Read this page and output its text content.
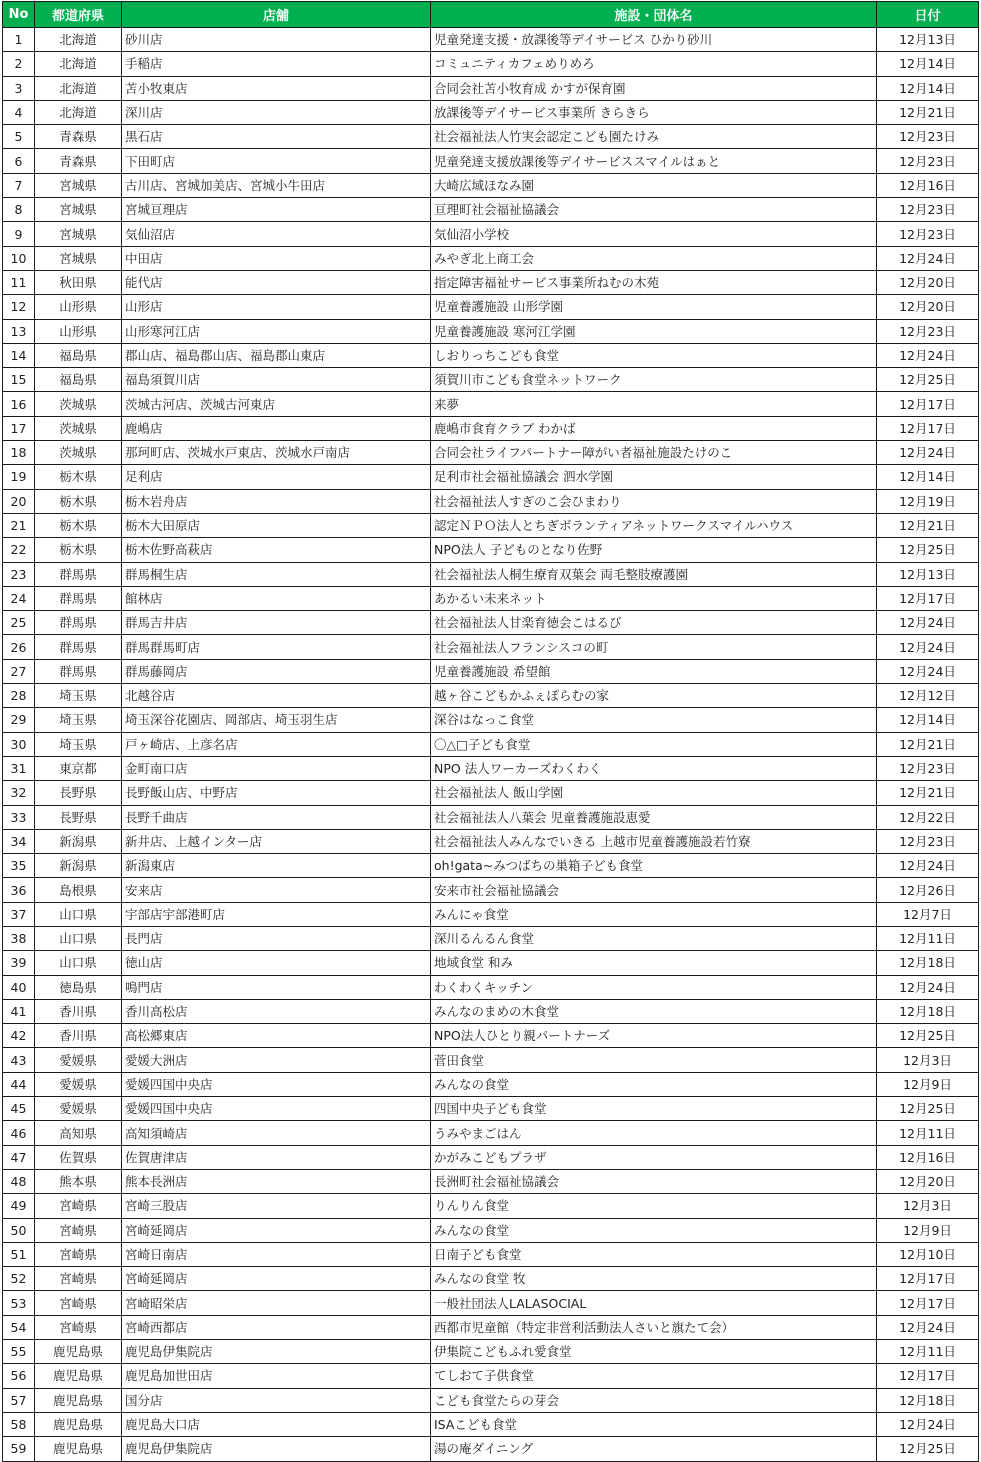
No	都道府県	店舗	施設・団体名	日付
1	北海道	砂川店	児童発達支援・放課後等デイサービス ひかり砂川	12月13日
2	北海道	手稲店	コミュニティカフェめりめろ	12月14日
3	北海道	苫小牧東店	合同会社苫小牧育成 かすが保育園	12月14日
4	北海道	深川店	放課後等デイサービス事業所 きらきら	12月21日
5	青森県	黒石店	社会福祉法人竹実会認定こども園たけみ	12月23日
6	青森県	下田町店	児童発達支援放課後等デイサービススマイルはぁと	12月23日
7	宮城県	古川店、宮城加美店、宮城小牛田店	大崎広域ほなみ園	12月16日
8	宮城県	宮城亘理店	亘理町社会福祉協議会	12月23日
9	宮城県	気仙沼店	気仙沼小学校	12月23日
10	宮城県	中田店	みやぎ北上商工会	12月24日
11	秋田県	能代店	指定障害福祉サービス事業所ねむの木苑	12月20日
12	山形県	山形店	児童養護施設 山形学園	12月20日
13	山形県	山形寒河江店	児童養護施設 寒河江学園	12月23日
14	福島県	郡山店、福島郡山店、福島郡山東店	しおりっちこども食堂	12月24日
15	福島県	福島須賀川店	須賀川市こども食堂ネットワーク	12月25日
16	茨城県	茨城古河店、茨城古河東店	来夢	12月17日
17	茨城県	鹿嶋店	鹿嶋市食育クラブ わかば	12月17日
18	茨城県	那珂町店、茨城水戸東店、茨城水戸南店	合同会社ライフパートナー障がい者福祉施設たけのこ	12月24日
19	栃木県	足利店	足利市社会福祉協議会 泗水学園	12月14日
20	栃木県	栃木岩舟店	社会福祉法人すぎのこ会ひまわり	12月19日
21	栃木県	栃木大田原店	認定ＮＰＯ法人とちぎボランティアネットワークスマイルハウス	12月21日
22	栃木県	栃木佐野高萩店	NPO法人 子どものとなり佐野	12月25日
23	群馬県	群馬桐生店	社会福祉法人桐生療育双葉会 両毛整肢療護園	12月13日
24	群馬県	館林店	あかるい未来ネット	12月17日
25	群馬県	群馬吉井店	社会福祉法人甘楽育徳会こはるび	12月24日
26	群馬県	群馬群馬町店	社会福祉法人フランシスコの町	12月24日
27	群馬県	群馬藤岡店	児童養護施設 希望館	12月24日
28	埼玉県	北越谷店	越ヶ谷こどもかふぇぽらむの家	12月12日
29	埼玉県	埼玉深谷花園店、岡部店、埼玉羽生店	深谷はなっこ食堂	12月14日
30	埼玉県	戸ヶ崎店、上彦名店	〇△□子ども食堂	12月21日
31	東京都	金町南口店	NPO 法人ワーカーズわくわく	12月23日
32	長野県	長野飯山店、中野店	社会福祉法人 飯山学園	12月21日
33	長野県	長野千曲店	社会福祉法人八葉会 児童養護施設恵愛	12月22日
34	新潟県	新井店、上越インター店	社会福祉法人みんなでいきる 上越市児童養護施設若竹寮	12月23日
35	新潟県	新潟東店	oh!gata~みつばちの巣箱子ども食堂	12月24日
36	島根県	安来店	安来市社会福祉協議会	12月26日
37	山口県	宇部店宇部港町店	みんにゃ食堂	12月7日
38	山口県	長門店	深川るんるん食堂	12月11日
39	山口県	徳山店	地域食堂 和み	12月18日
40	徳島県	鳴門店	わくわくキッチン	12月24日
41	香川県	香川高松店	みんなのまめの木食堂	12月18日
42	香川県	高松郷東店	NPO法人ひとり親パートナーズ	12月25日
43	愛媛県	愛媛大洲店	菅田食堂	12月3日
44	愛媛県	愛媛四国中央店	みんなの食堂	12月9日
45	愛媛県	愛媛四国中央店	四国中央子ども食堂	12月25日
46	高知県	高知須崎店	うみやまごはん	12月11日
47	佐賀県	佐賀唐津店	かがみこどもプラザ	12月16日
48	熊本県	熊本長洲店	長洲町社会福祉協議会	12月20日
49	宮崎県	宮崎三股店	りんりん食堂	12月3日
50	宮崎県	宮崎延岡店	みんなの食堂	12月9日
51	宮崎県	宮崎日南店	日南子ども食堂	12月10日
52	宮崎県	宮崎延岡店	みんなの食堂 牧	12月17日
53	宮崎県	宮崎昭栄店	一般社団法人LALASOCIAL	12月17日
54	宮崎県	宮崎西都店	西都市児童館（特定非営利活動法人さいと旗たて会）	12月24日
55	鹿児島県	鹿児島伊集院店	伊集院こどもふれ愛食堂	12月11日
56	鹿児島県	鹿児島加世田店	てしおて子供食堂	12月17日
57	鹿児島県	国分店	こども食堂たらの芽会	12月18日
58	鹿児島県	鹿児島大口店	ISAこども食堂	12月24日
59	鹿児島県	鹿児島伊集院店	湯の庵ダイニング	12月25日
